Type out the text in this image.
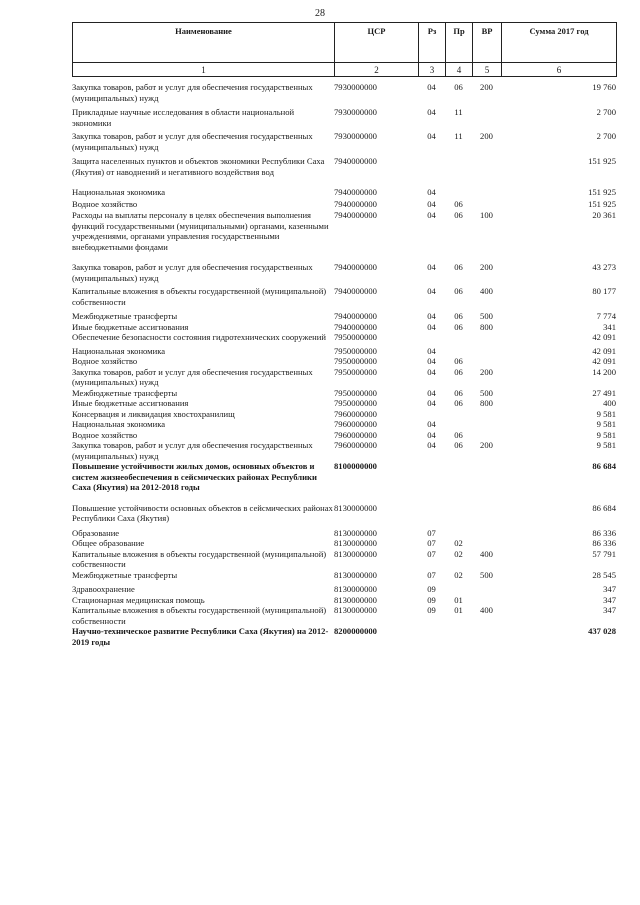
28
Наименование	ЦСР	Рз	Пр	ВР	Сумма 2017 год
1	2	3	4	5	6
Закупка товаров, работ и услуг для обеспечения государственных (муниципальных) нужд	7930000000	04	06	200	19 760
Прикладные научные исследования в области национальной экономики	7930000000	04	11		2 700
Закупка товаров, работ и услуг для обеспечения государственных (муниципальных) нужд	7930000000	04	11	200	2 700
Защита населенных пунктов и объектов экономики Республики Саха (Якутия) от наводнений и негативного воздействия вод	7940000000				151 925
Национальная экономика	7940000000	04			151 925
Водное хозяйство	7940000000	04	06		151 925
Расходы на выплаты персоналу в целях обеспечения выполнения функций государственными (муниципальными) органами, казенными учреждениями, органами управления государственными внебюджетными фондами	7940000000	04	06	100	20 361
Закупка товаров, работ и услуг для обеспечения государственных (муниципальных) нужд	7940000000	04	06	200	43 273
Капитальные вложения в объекты государственной (муниципальной) собственности	7940000000	04	06	400	80 177
Межбюджетные трансферты	7940000000	04	06	500	7 774
Иные бюджетные ассигнования	7940000000	04	06	800	341
Обеспечение безопасности состояния гидротехнических сооружений	7950000000				42 091
Национальная экономика	7950000000	04			42 091
Водное хозяйство	7950000000	04	06		42 091
Закупка товаров, работ и услуг для обеспечения государственных (муниципальных) нужд	7950000000	04	06	200	14 200
Межбюджетные трансферты	7950000000	04	06	500	27 491
Иные бюджетные ассигнования	7950000000	04	06	800	400
Консервация и ликвидация хвостохранилищ	7960000000				9 581
Национальная экономика	7960000000	04			9 581
Водное хозяйство	7960000000	04	06		9 581
Закупка товаров, работ и услуг для обеспечения государственных (муниципальных) нужд	7960000000	04	06	200	9 581
Повышение устойчивости жилых домов, основных объектов и систем жизнеобеспечения в сейсмических районах Республики Саха (Якутия) на 2012-2018 годы	8100000000				86 684
Повышение устойчивости основных объектов в сейсмических районах Республики Саха (Якутия)	8130000000				86 684
Образование	8130000000	07			86 336
Общее образование	8130000000	07	02		86 336
Капитальные вложения в объекты государственной (муниципальной) собственности	8130000000	07	02	400	57 791
Межбюджетные трансферты	8130000000	07	02	500	28 545
Здравоохранение	8130000000	09			347
Стационарная медицинская помощь	8130000000	09	01		347
Капитальные вложения в объекты государственной (муниципальной) собственности	8130000000	09	01	400	347
Научно-техническое развитие Республики Саха (Якутия) на 2012-2019 годы	8200000000				437 028
